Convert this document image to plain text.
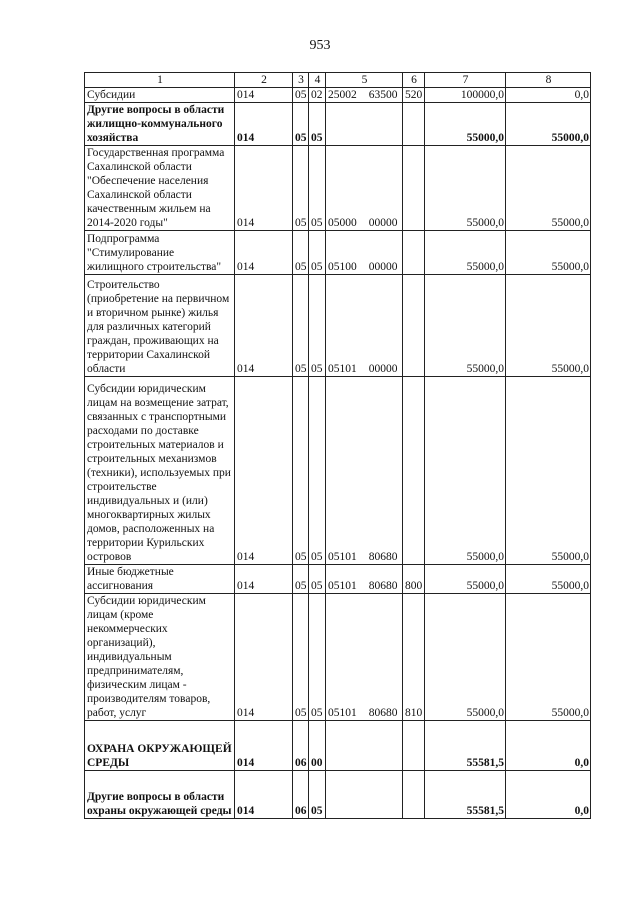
953
1	2	3	4	5	6	7	8
Субсидии	014	05	02	25002 63500	520	100000,0	0,0
Другие вопросы в области жилищно-коммунального хозяйства	014	05	05			55000,0	55000,0
Государственная программа Сахалинской области "Обеспечение населения Сахалинской области качественным жильем на 2014-2020 годы"	014	05	05	05000 00000		55000,0	55000,0
Подпрограмма "Стимулирование жилищного строительства"	014	05	05	05100 00000		55000,0	55000,0
Строительство (приобретение на первичном и вторичном рынке) жилья для различных категорий граждан, проживающих на территории Сахалинской области	014	05	05	05101 00000		55000,0	55000,0
Субсидии юридическим лицам на возмещение затрат, связанных с транспортными расходами по доставке строительных материалов и строительных механизмов (техники), используемых при строительстве индивидуальных и (или) многоквартирных жилых домов, расположенных на территории Курильских островов	014	05	05	05101 80680		55000,0	55000,0
Иные бюджетные ассигнования	014	05	05	05101 80680	800	55000,0	55000,0
Субсидии юридическим лицам (кроме некоммерческих организаций), индивидуальным предпринимателям, физическим лицам - производителям товаров, работ, услуг	014	05	05	05101 80680	810	55000,0	55000,0
ОХРАНА ОКРУЖАЮЩЕЙ СРЕДЫ	014	06	00			55581,5	0,0
Другие вопросы в области охраны окружающей среды	014	06	05			55581,5	0,0
